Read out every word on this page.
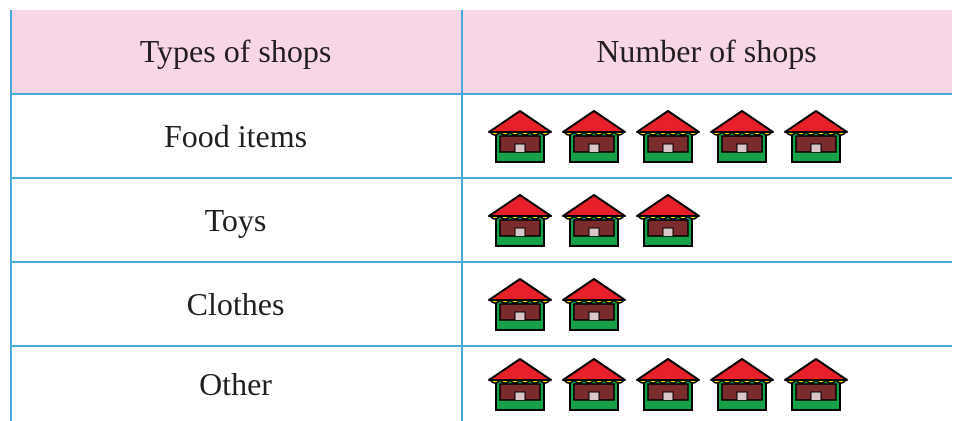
Types of shops	Number of shops
Food items
Toys
Clothes
Other
